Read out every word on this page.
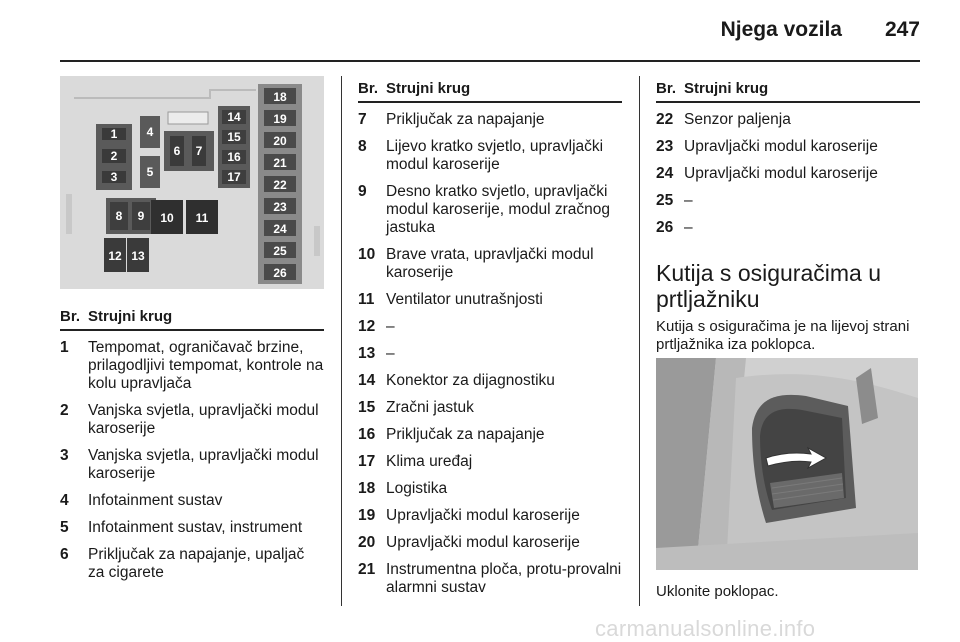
Njega vozila 247
1
2
3
4
5
6 7
14
15
16
17
8 9 10 11
12 13
18
19
20
21
22
23
24
25
26
Br. Strujni krug
1	Tempomat, ograničavač brzine, prilagodljivi tempomat, kontrole na kolu upravljača
2	Vanjska svjetla, upravljački modul karoserije
3	Vanjska svjetla, upravljački modul karoserije
4	Infotainment sustav
5	Infotainment sustav, instrument
6	Priključak za napajanje, upaljač za cigarete
Br. Strujni krug
7	Priključak za napajanje
8	Lijevo kratko svjetlo, upravljački modul karoserije
9	Desno kratko svjetlo, upravljački modul karoserije, modul zračnog jastuka
10 Brave vrata, upravljački modul karoserije
11 Ventilator unutrašnjosti
12 –
13 –
14 Konektor za dijagnostiku
15 Zračni jastuk
16 Priključak za napajanje
17 Klima uređaj
18 Logistika
19 Upravljački modul karoserije
20 Upravljački modul karoserije
21 Instrumentna ploča, protu-provalni alarmni sustav
Br. Strujni krug
22 Senzor paljenja
23 Upravljački modul karoserije
24 Upravljački modul karoserije
25 –
26 –
Kutija s osiguračima u prtljažniku

Kutija s osiguračima je na lijevoj strani prtljažnika iza poklopca.

Uklonite poklopac.

carmanualsonline.info
